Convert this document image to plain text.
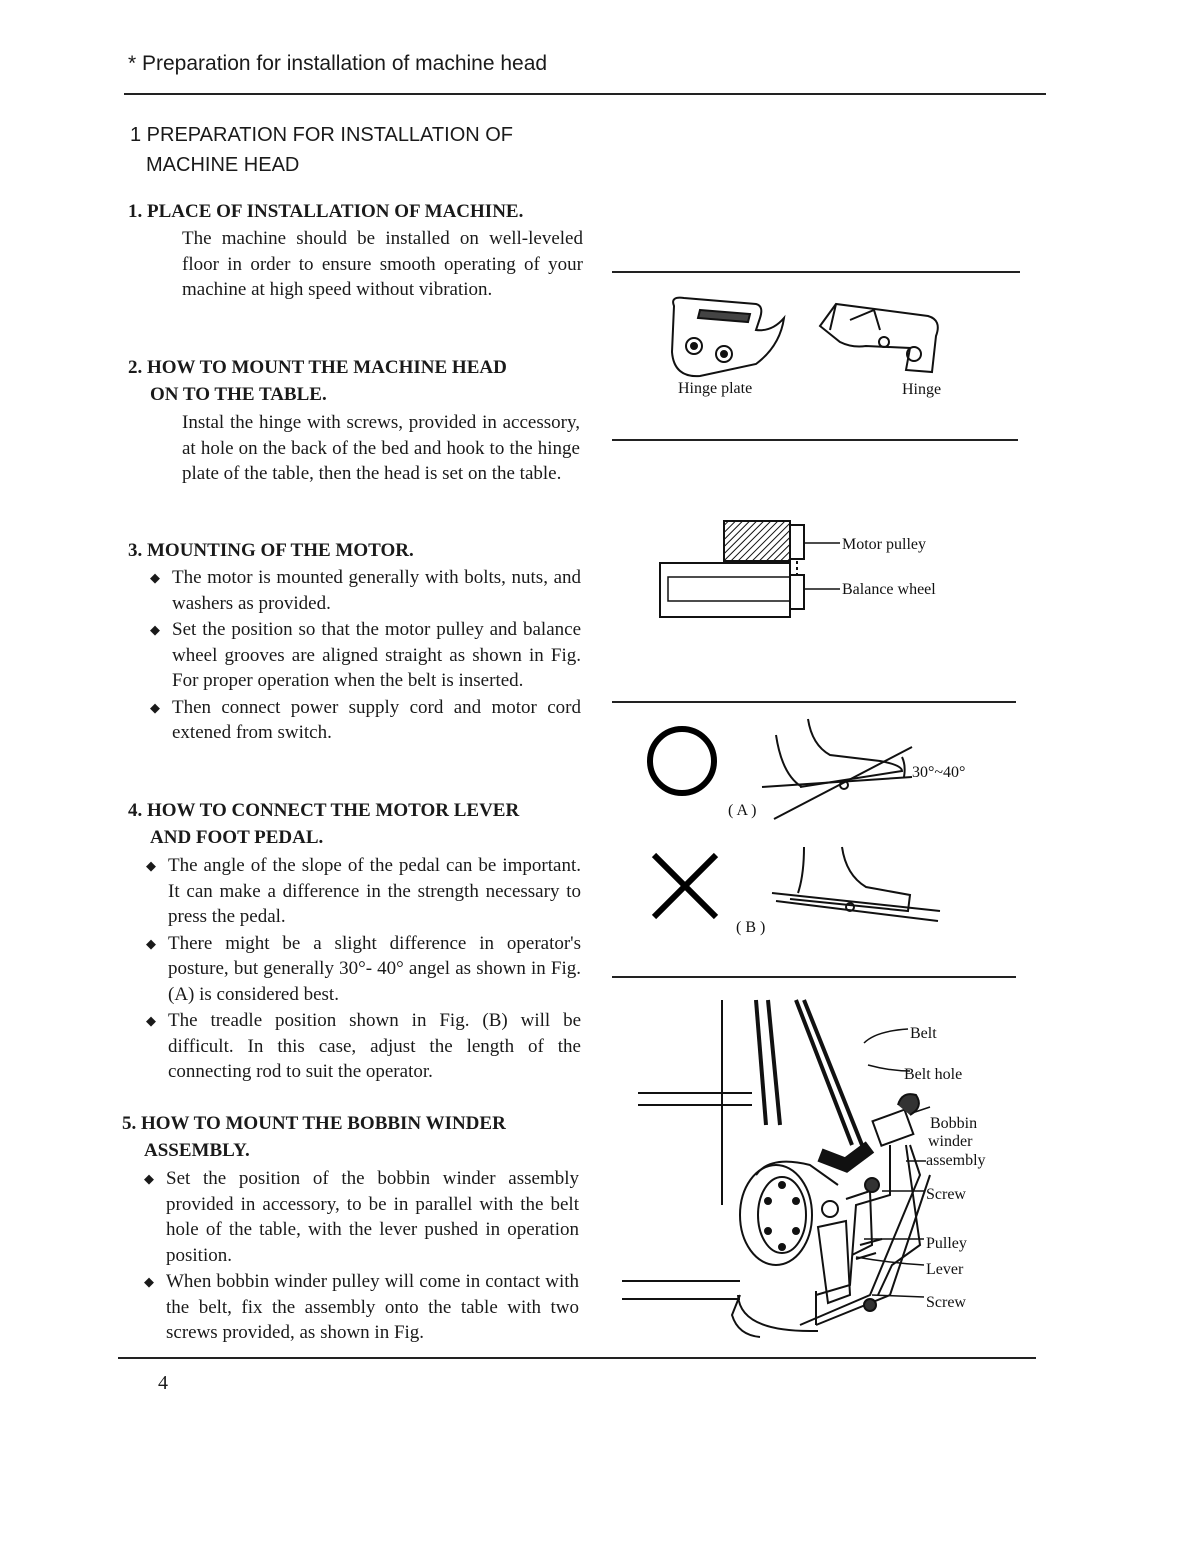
* Preparation for installation of machine head
1 PREPARATION FOR INSTALLATION OF
MACHINE HEAD
1. PLACE OF INSTALLATION OF MACHINE.
The machine should be installed on well-leveled floor in order to ensure smooth operating of your machine at high speed without vibration.
2. HOW TO MOUNT THE MACHINE HEAD
ON TO THE TABLE.
Instal the hinge with screws, provided in accessory, at hole on the back of the bed and hook to the hinge plate of the table, then the head is set on the table.
3. MOUNTING OF THE MOTOR.
◆ The motor is mounted generally with bolts, nuts, and washers as provided.
◆ Set the position so that the motor pulley and balance wheel grooves are aligned straight as shown in Fig. For proper operation when the belt is inserted.
◆ Then connect power supply cord and motor cord extened from switch.
4. HOW TO CONNECT THE MOTOR LEVER
AND FOOT PEDAL.
◆ The angle of the slope of the pedal can be important. It can make a difference in the strength necessary to press the pedal.
◆ There might be a slight difference in operator's posture, but generally 30°- 40° angel as shown in Fig. (A) is considered best.
◆ The treadle position shown in Fig. (B) will be difficult. In this case, adjust the length of the connecting rod to suit the operator.
5. HOW TO MOUNT THE BOBBIN WINDER
ASSEMBLY.
◆ Set the position of the bobbin winder assembly provided in accessory, to be in parallel with the belt hole of the table, with the lever pushed in operation position.
◆ When bobbin winder pulley will come in contact with the belt, fix the assembly onto the table with two screws provided, as shown in Fig.
4
Hinge plate	Hinge
Motor pulley
Balance wheel
30°~40°
( A )
( B )
Belt
Belt hole
Bobbin
winder
assembly
Screw
Pulley
Lever
Screw
